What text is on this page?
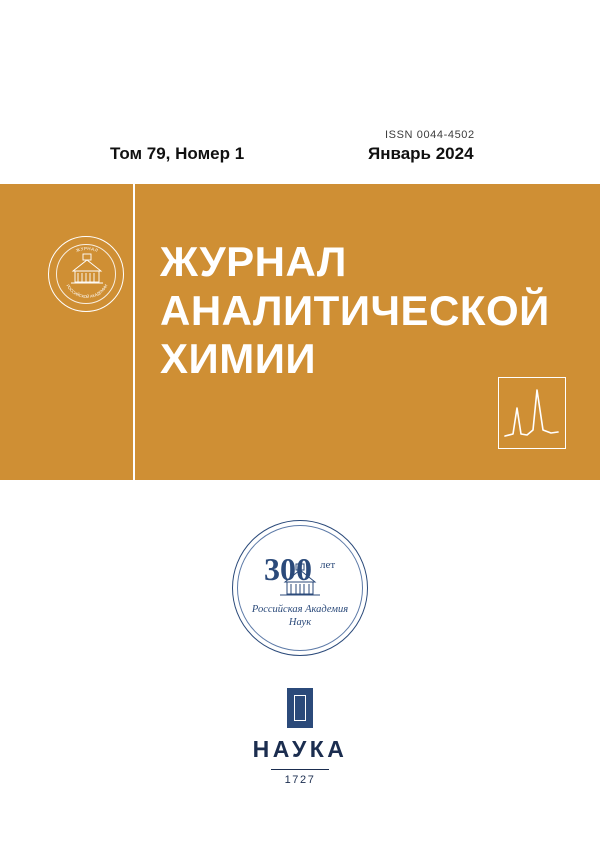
ISSN 0044-4502
Том 79, Номер 1	Январь 2024
ЖУРНАЛ
РОССИЙСКОЙ АКАДЕМИИ
ЖУРНАЛ
АНАЛИТИЧЕСКОЙ
ХИМИИ
300 лет
Российская Академия
Наук
НАУКА
1727
